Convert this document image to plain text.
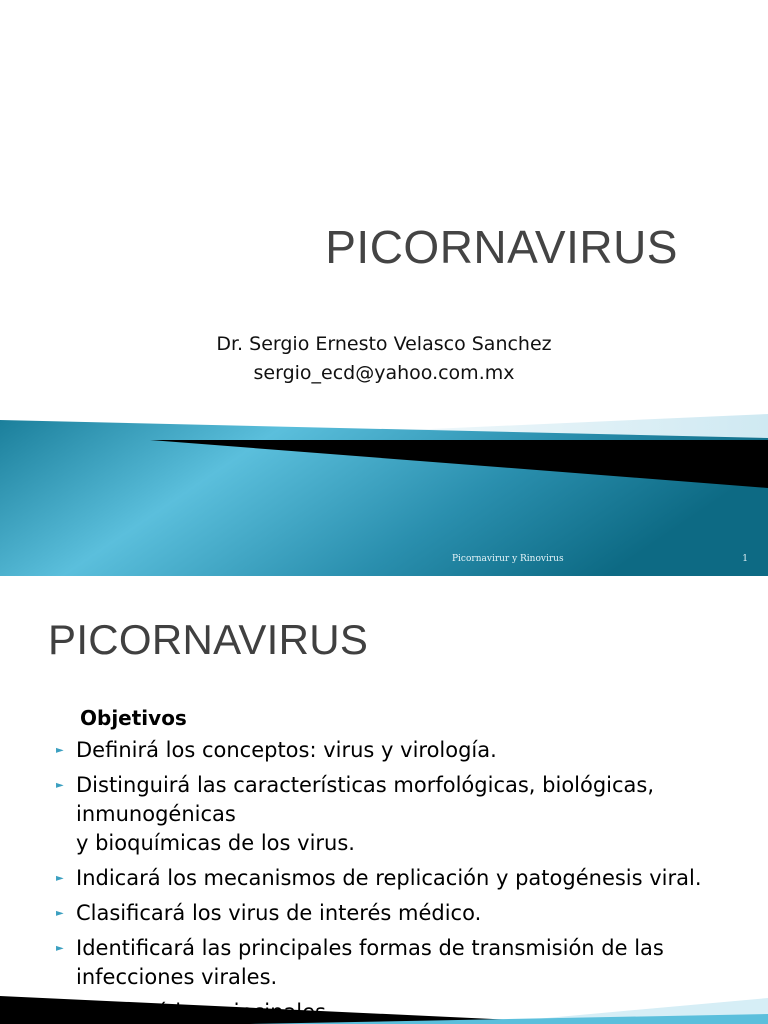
PICORNAVIRUS
Dr. Sergio Ernesto Velasco Sanchez
sergio_ecd@yahoo.com.mx
Picornavirur y Rinovirus	1
PICORNAVIRUS
Objetivos
► Definirá los conceptos: virus y virología.
► Distinguirá las características morfológicas, biológicas, inmunogénicas
y bioquímicas de los virus.
► Indicará los mecanismos de replicación y patogénesis viral.
► Clasificará los virus de interés médico.
► Identificará las principales formas de transmisión de las infecciones virales.
